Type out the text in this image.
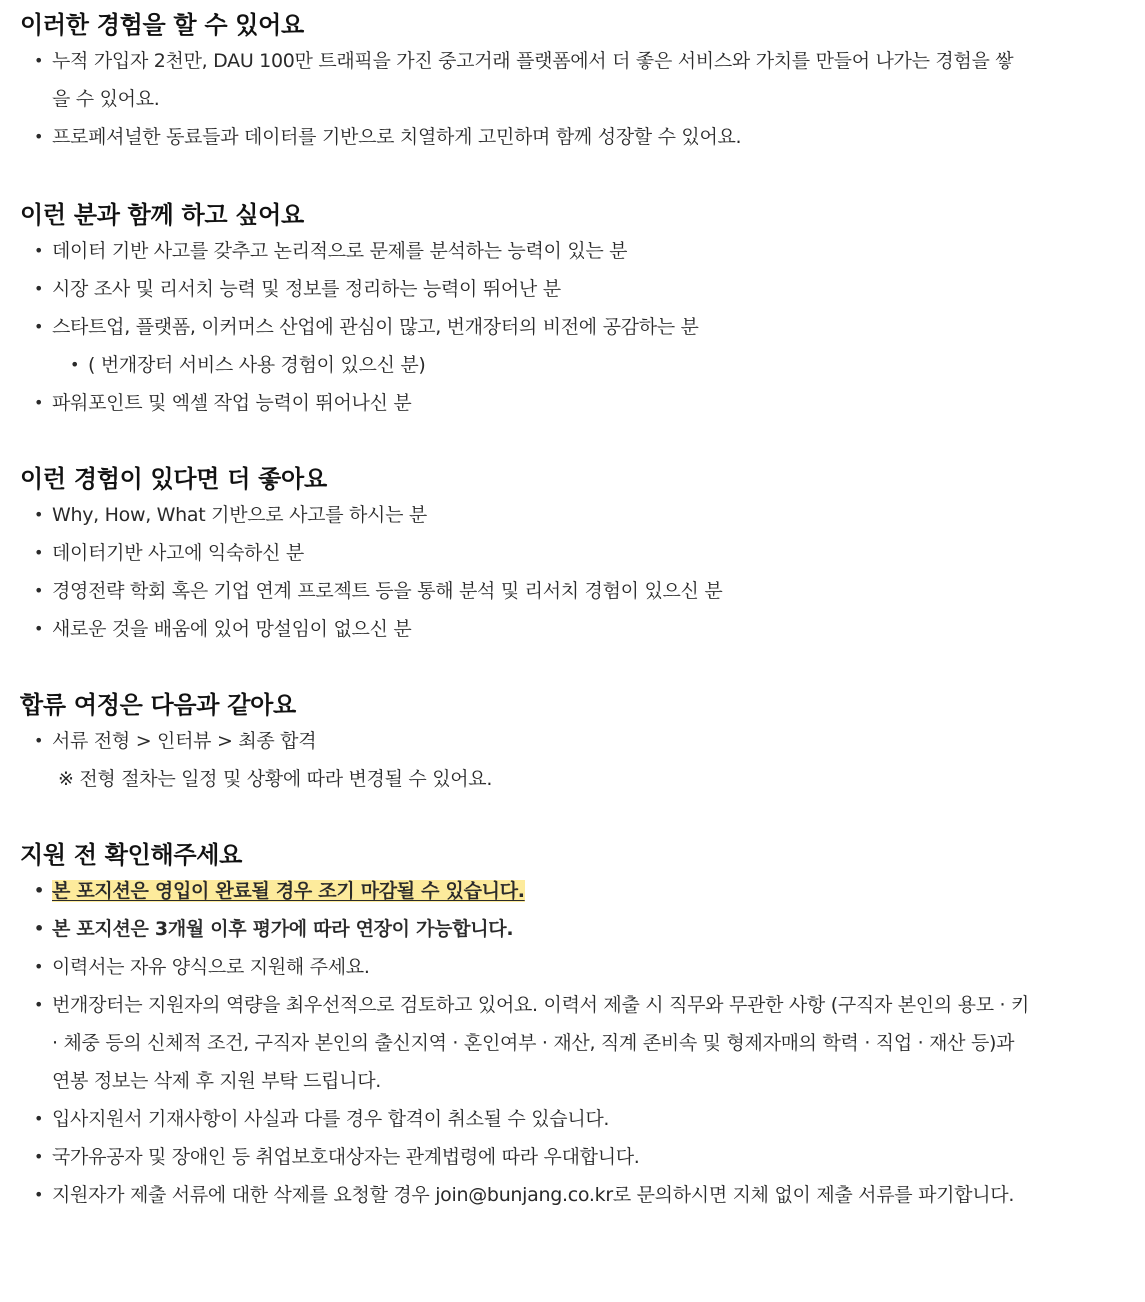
이러한 경험을 할 수 있어요
• 누적 가입자 2천만, DAU 100만 트래픽을 가진 중고거래 플랫폼에서 더 좋은 서비스와 가치를 만들어 나가는 경험을 쌓을 수 있어요.
• 프로페셔널한 동료들과 데이터를 기반으로 치열하게 고민하며 함께 성장할 수 있어요.
이런 분과 함께 하고 싶어요
• 데이터 기반 사고를 갖추고 논리적으로 문제를 분석하는 능력이 있는 분
• 시장 조사 및 리서치 능력 및 정보를 정리하는 능력이 뛰어난 분
• 스타트업, 플랫폼, 이커머스 산업에 관심이 많고, 번개장터의 비전에 공감하는 분
• ( 번개장터 서비스 사용 경험이 있으신 분)
• 파워포인트 및 엑셀 작업 능력이 뛰어나신 분
이런 경험이 있다면 더 좋아요
• Why, How, What 기반으로 사고를 하시는 분
• 데이터기반 사고에 익숙하신 분
• 경영전략 학회 혹은 기업 연계 프로젝트 등을 통해 분석 및 리서치 경험이 있으신 분
• 새로운 것을 배움에 있어 망설임이 없으신 분
합류 여정은 다음과 같아요
• 서류 전형 > 인터뷰 > 최종 합격
※ 전형 절차는 일정 및 상황에 따라 변경될 수 있어요.
지원 전 확인해주세요
• 본 포지션은 영입이 완료될 경우 조기 마감될 수 있습니다.
• 본 포지션은 3개월 이후 평가에 따라 연장이 가능합니다.
• 이력서는 자유 양식으로 지원해 주세요.
• 번개장터는 지원자의 역량을 최우선적으로 검토하고 있어요. 이력서 제출 시 직무와 무관한 사항 (구직자 본인의 용모 · 키 · 체중 등의 신체적 조건, 구직자 본인의 출신지역 · 혼인여부 · 재산, 직계 존비속 및 형제자매의 학력 · 직업 · 재산 등)과 연봉 정보는 삭제 후 지원 부탁 드립니다.
• 입사지원서 기재사항이 사실과 다를 경우 합격이 취소될 수 있습니다.
• 국가유공자 및 장애인 등 취업보호대상자는 관계법령에 따라 우대합니다.
• 지원자가 제출 서류에 대한 삭제를 요청할 경우 join@bunjang.co.kr로 문의하시면 지체 없이 제출 서류를 파기합니다.
